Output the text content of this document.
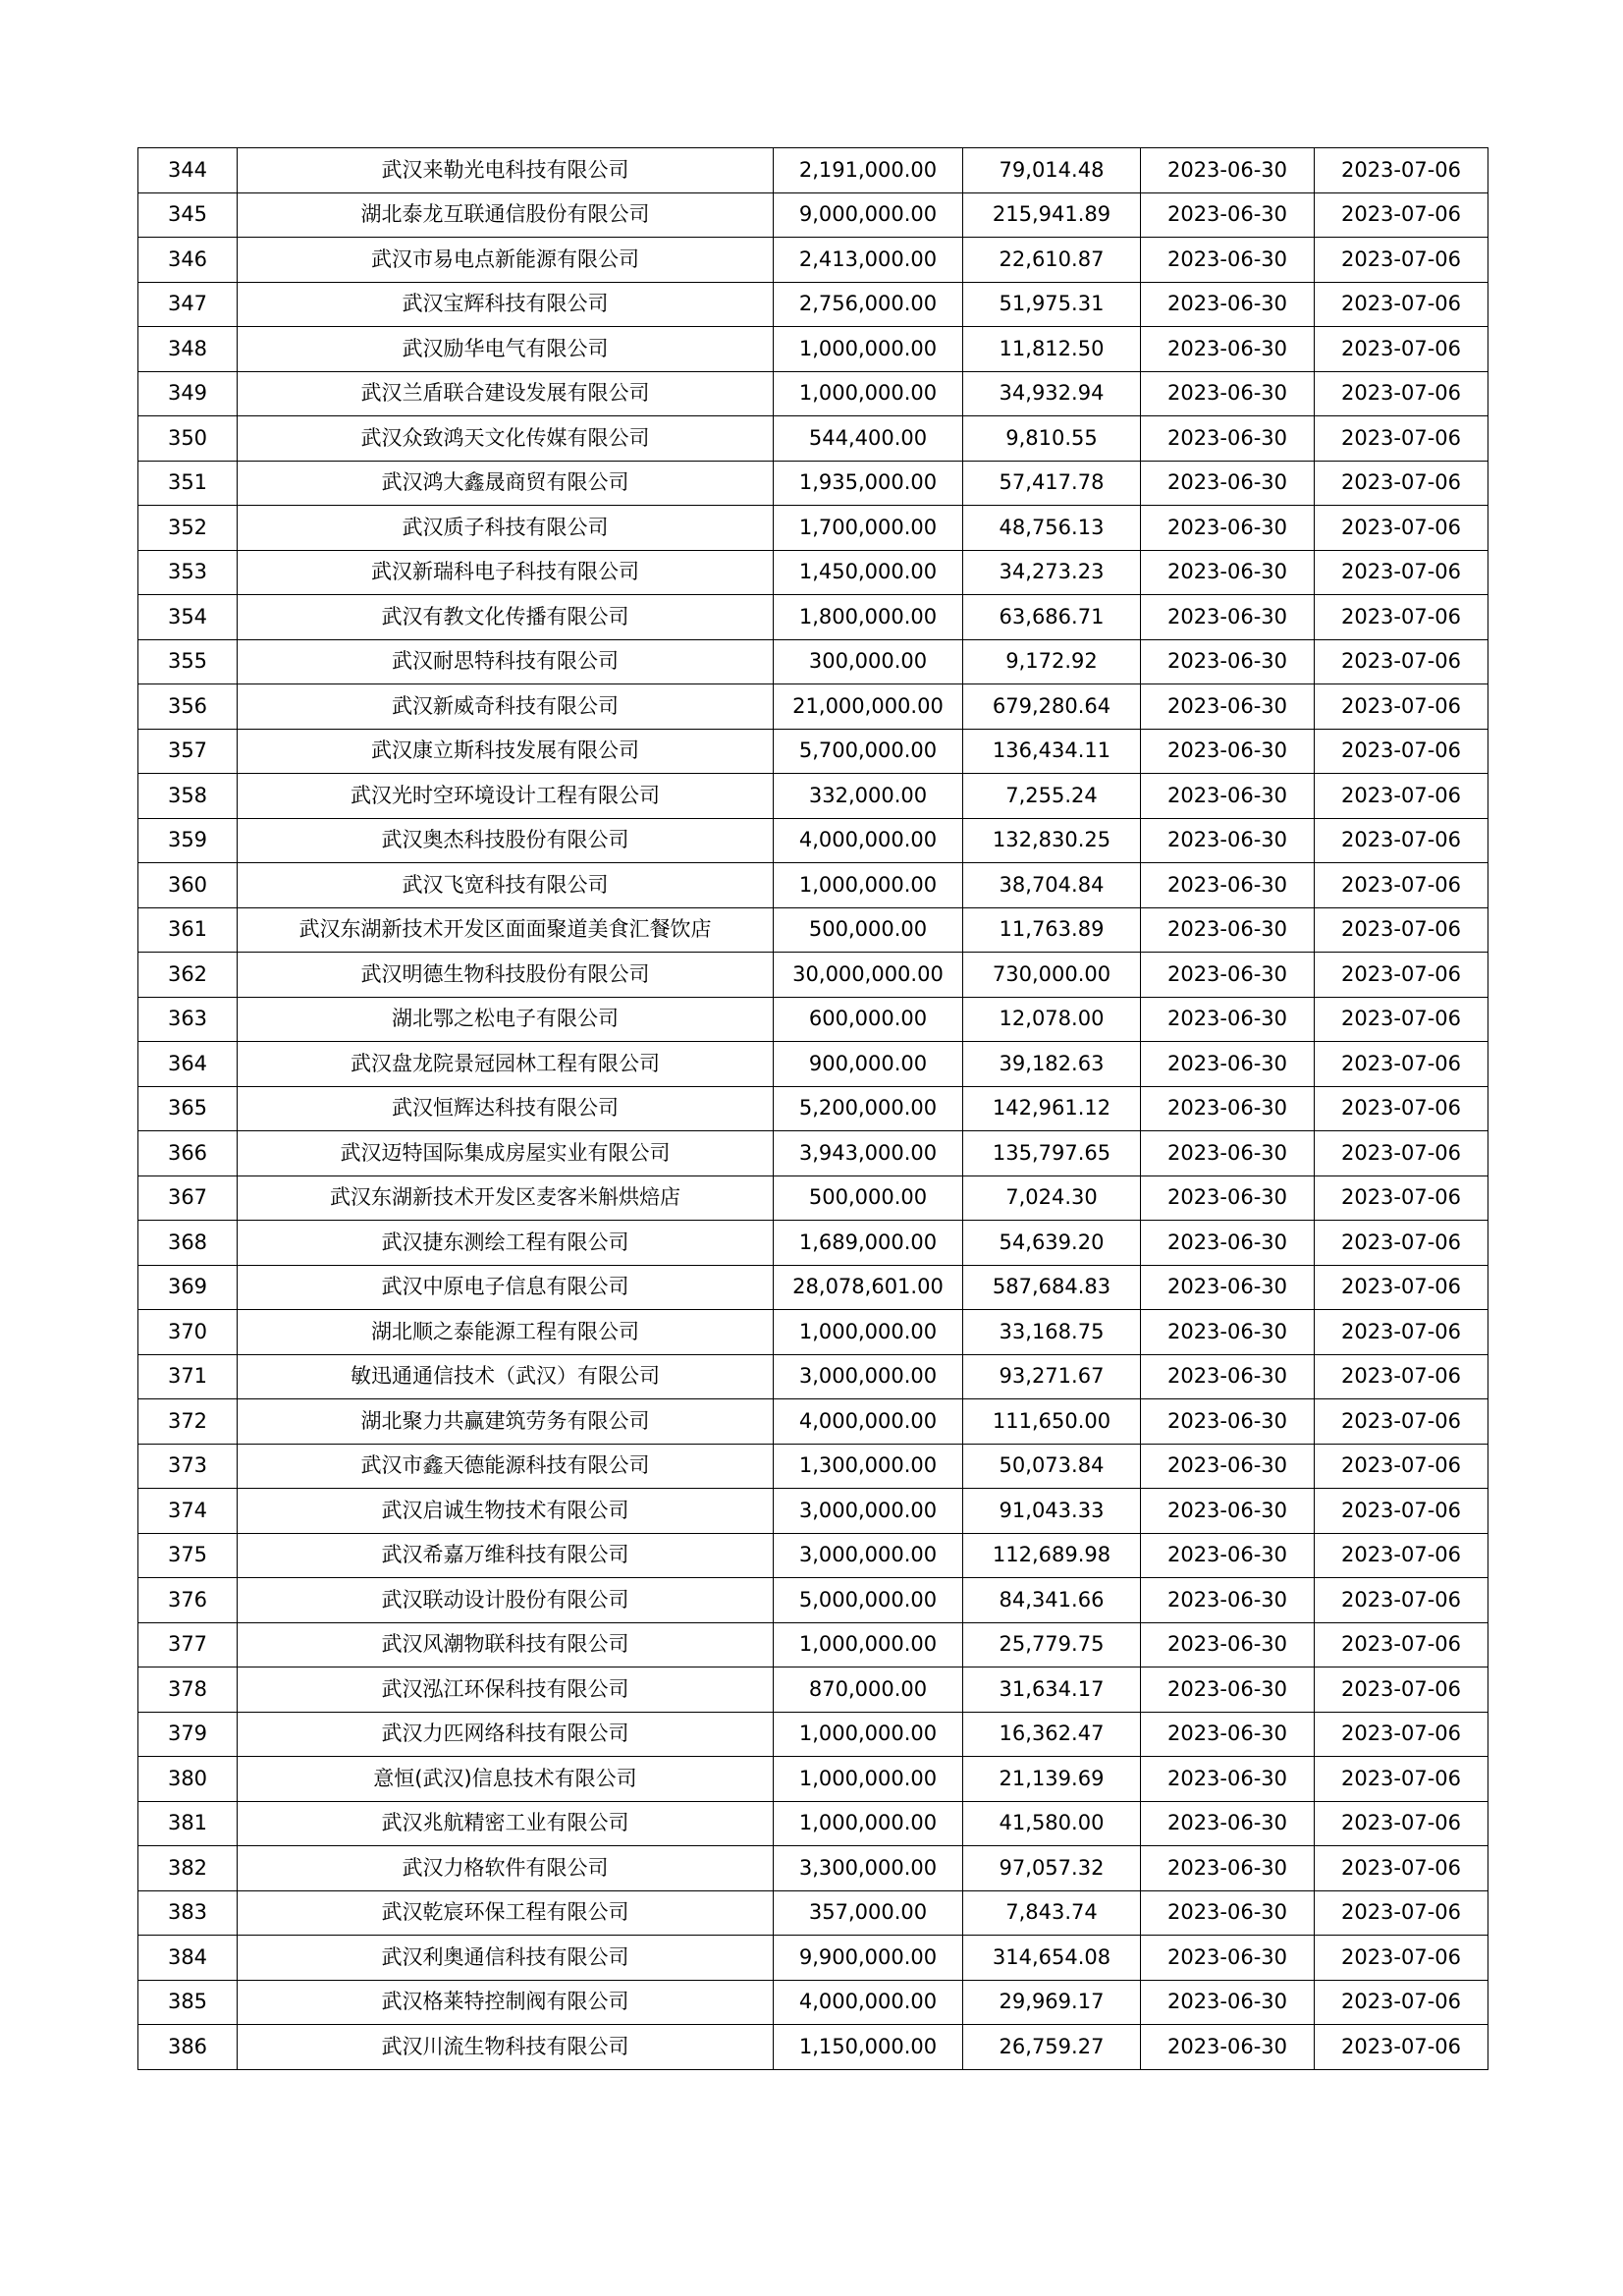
344	武汉来勒光电科技有限公司	2,191,000.00	79,014.48	2023-06-30	2023-07-06
345	湖北泰龙互联通信股份有限公司	9,000,000.00	215,941.89	2023-06-30	2023-07-06
346	武汉市易电点新能源有限公司	2,413,000.00	22,610.87	2023-06-30	2023-07-06
347	武汉宝辉科技有限公司	2,756,000.00	51,975.31	2023-06-30	2023-07-06
348	武汉励华电气有限公司	1,000,000.00	11,812.50	2023-06-30	2023-07-06
349	武汉兰盾联合建设发展有限公司	1,000,000.00	34,932.94	2023-06-30	2023-07-06
350	武汉众致鸿天文化传媒有限公司	544,400.00	9,810.55	2023-06-30	2023-07-06
351	武汉鸿大鑫晟商贸有限公司	1,935,000.00	57,417.78	2023-06-30	2023-07-06
352	武汉质子科技有限公司	1,700,000.00	48,756.13	2023-06-30	2023-07-06
353	武汉新瑞科电子科技有限公司	1,450,000.00	34,273.23	2023-06-30	2023-07-06
354	武汉有教文化传播有限公司	1,800,000.00	63,686.71	2023-06-30	2023-07-06
355	武汉耐思特科技有限公司	300,000.00	9,172.92	2023-06-30	2023-07-06
356	武汉新威奇科技有限公司	21,000,000.00	679,280.64	2023-06-30	2023-07-06
357	武汉康立斯科技发展有限公司	5,700,000.00	136,434.11	2023-06-30	2023-07-06
358	武汉光时空环境设计工程有限公司	332,000.00	7,255.24	2023-06-30	2023-07-06
359	武汉奥杰科技股份有限公司	4,000,000.00	132,830.25	2023-06-30	2023-07-06
360	武汉飞宽科技有限公司	1,000,000.00	38,704.84	2023-06-30	2023-07-06
361	武汉东湖新技术开发区面面聚道美食汇餐饮店	500,000.00	11,763.89	2023-06-30	2023-07-06
362	武汉明德生物科技股份有限公司	30,000,000.00	730,000.00	2023-06-30	2023-07-06
363	湖北鄂之松电子有限公司	600,000.00	12,078.00	2023-06-30	2023-07-06
364	武汉盘龙院景冠园林工程有限公司	900,000.00	39,182.63	2023-06-30	2023-07-06
365	武汉恒辉达科技有限公司	5,200,000.00	142,961.12	2023-06-30	2023-07-06
366	武汉迈特国际集成房屋实业有限公司	3,943,000.00	135,797.65	2023-06-30	2023-07-06
367	武汉东湖新技术开发区麦客米斛烘焙店	500,000.00	7,024.30	2023-06-30	2023-07-06
368	武汉捷东测绘工程有限公司	1,689,000.00	54,639.20	2023-06-30	2023-07-06
369	武汉中原电子信息有限公司	28,078,601.00	587,684.83	2023-06-30	2023-07-06
370	湖北顺之泰能源工程有限公司	1,000,000.00	33,168.75	2023-06-30	2023-07-06
371	敏迅通通信技术（武汉）有限公司	3,000,000.00	93,271.67	2023-06-30	2023-07-06
372	湖北聚力共赢建筑劳务有限公司	4,000,000.00	111,650.00	2023-06-30	2023-07-06
373	武汉市鑫天德能源科技有限公司	1,300,000.00	50,073.84	2023-06-30	2023-07-06
374	武汉启诚生物技术有限公司	3,000,000.00	91,043.33	2023-06-30	2023-07-06
375	武汉希嘉万维科技有限公司	3,000,000.00	112,689.98	2023-06-30	2023-07-06
376	武汉联动设计股份有限公司	5,000,000.00	84,341.66	2023-06-30	2023-07-06
377	武汉风潮物联科技有限公司	1,000,000.00	25,779.75	2023-06-30	2023-07-06
378	武汉泓江环保科技有限公司	870,000.00	31,634.17	2023-06-30	2023-07-06
379	武汉力匹网络科技有限公司	1,000,000.00	16,362.47	2023-06-30	2023-07-06
380	意恒(武汉)信息技术有限公司	1,000,000.00	21,139.69	2023-06-30	2023-07-06
381	武汉兆航精密工业有限公司	1,000,000.00	41,580.00	2023-06-30	2023-07-06
382	武汉力格软件有限公司	3,300,000.00	97,057.32	2023-06-30	2023-07-06
383	武汉乾宸环保工程有限公司	357,000.00	7,843.74	2023-06-30	2023-07-06
384	武汉利奥通信科技有限公司	9,900,000.00	314,654.08	2023-06-30	2023-07-06
385	武汉格莱特控制阀有限公司	4,000,000.00	29,969.17	2023-06-30	2023-07-06
386	武汉川流生物科技有限公司	1,150,000.00	26,759.27	2023-06-30	2023-07-06
